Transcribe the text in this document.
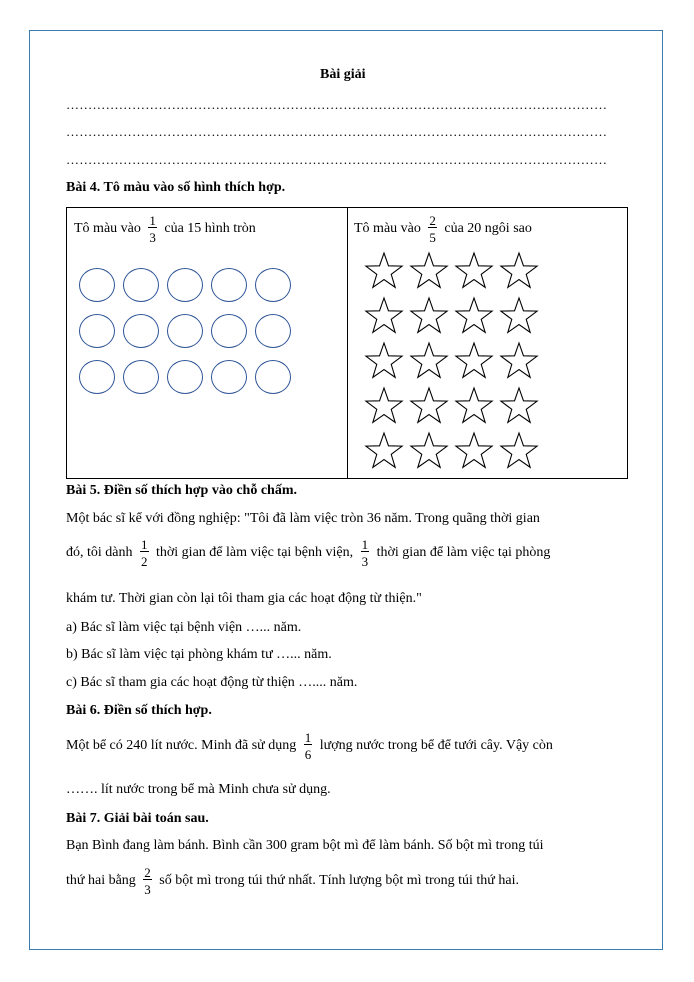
Bài giải
……………………………………………………………………………………………………………
……………………………………………………………………………………………………………
……………………………………………………………………………………………………………
Bài 4. Tô màu vào số hình thích hợp.
Tô màu vào $\frac{1}{3}$ của 15 hình tròn	Tô màu vào $\frac{2}{5}$ của 20 ngôi sao
Bài 5. Điền số thích hợp vào chỗ chấm.
Một bác sĩ kể với đồng nghiệp: "Tôi đã làm việc tròn 36 năm. Trong quãng thời gian
đó, tôi dành $\frac{1}{2}$ thời gian để làm việc tại bệnh viện, $\frac{1}{3}$ thời gian để làm việc tại phòng
khám tư. Thời gian còn lại tôi tham gia các hoạt động từ thiện."
a) Bác sĩ làm việc tại bệnh viện …... năm.
b) Bác sĩ làm việc tại phòng khám tư …... năm.
c) Bác sĩ tham gia các hoạt động từ thiện ….... năm.
Bài 6. Điền số thích hợp.
Một bể có 240 lít nước. Minh đã sử dụng $\frac{1}{6}$ lượng nước trong bể để tưới cây. Vậy còn
……. lít nước trong bể mà Minh chưa sử dụng.
Bài 7. Giải bài toán sau.
Bạn Bình đang làm bánh. Bình cần 300 gram bột mì để làm bánh. Số bột mì trong túi
thứ hai bằng $\frac{2}{3}$ số bột mì trong túi thứ nhất. Tính lượng bột mì trong túi thứ hai.
